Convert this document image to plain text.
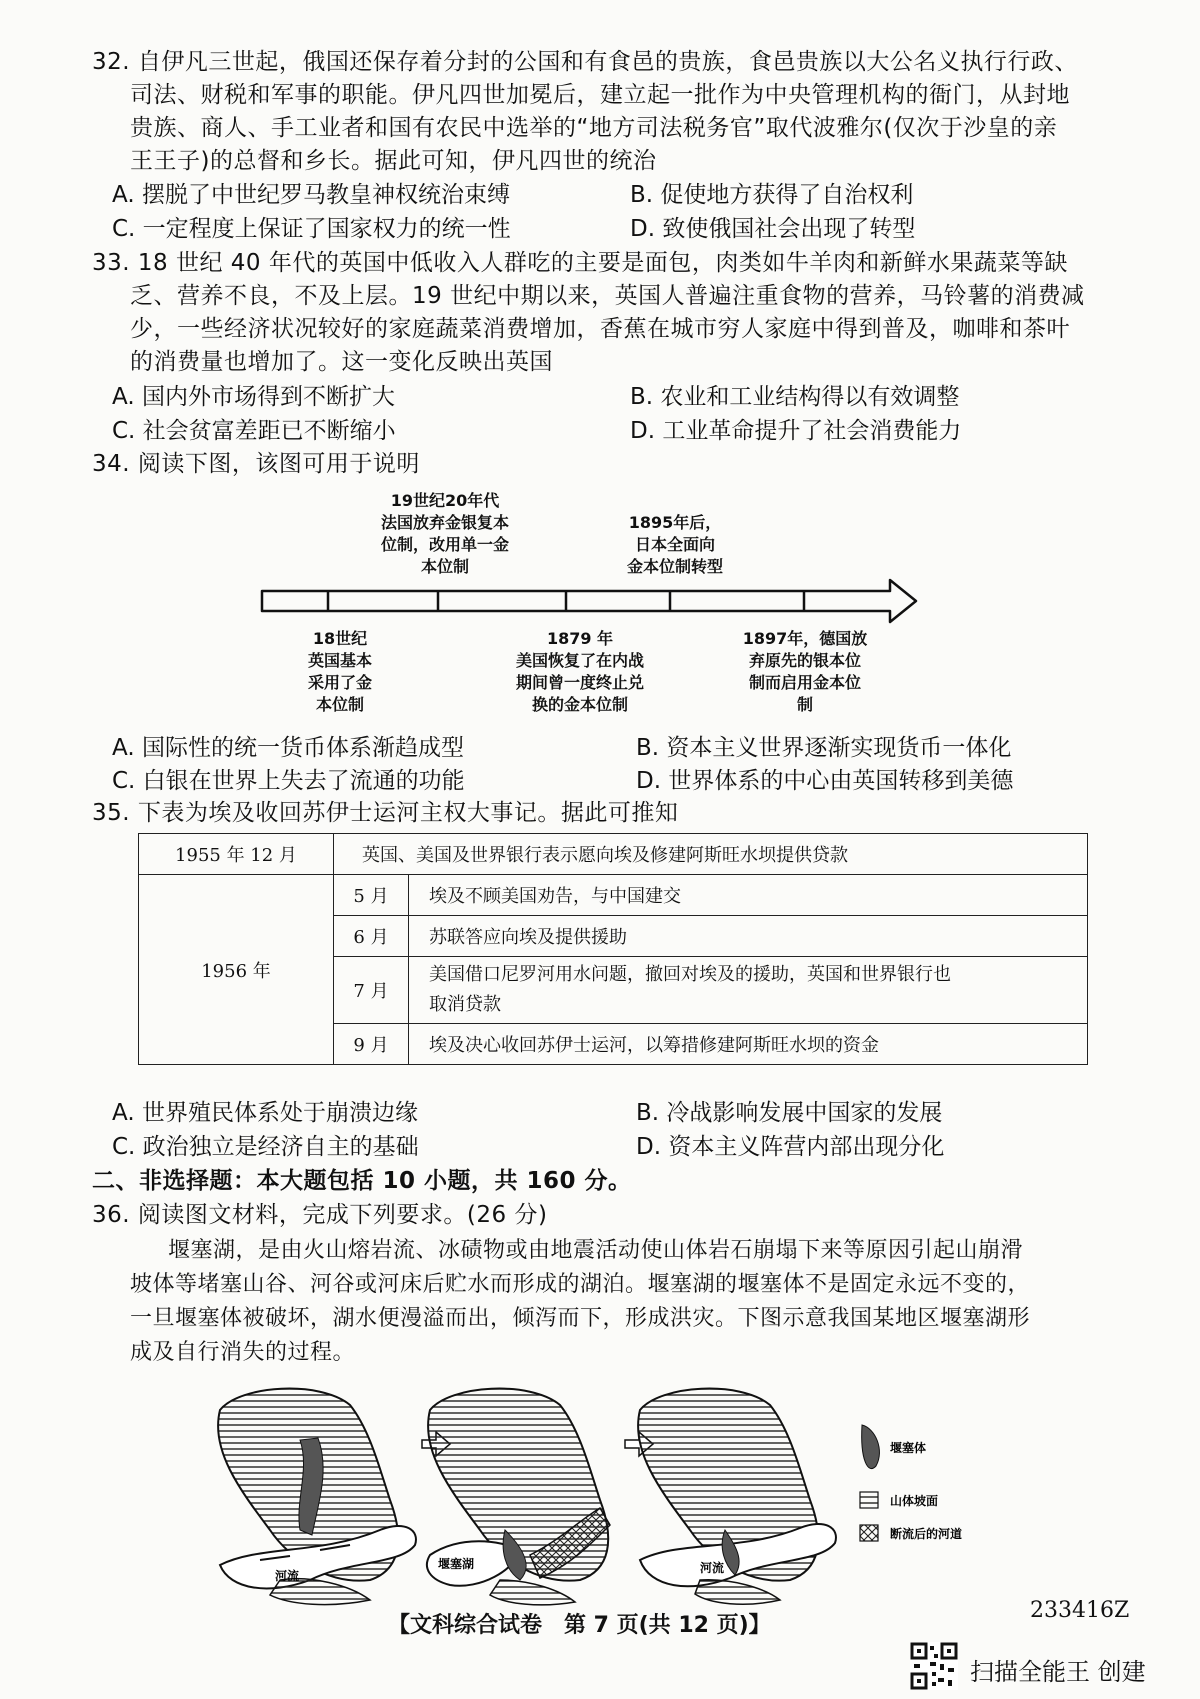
32. 自伊凡三世起，俄国还保存着分封的公国和有食邑的贵族，食邑贵族以大公名义执行行政、
司法、财税和军事的职能。伊凡四世加冕后，建立起一批作为中央管理机构的衙门，从封地
贵族、商人、手工业者和国有农民中选举的“地方司法税务官”取代波雅尔(仅次于沙皇的亲
王王子)的总督和乡长。据此可知，伊凡四世的统治
A. 摆脱了中世纪罗马教皇神权统治束缚	B. 促使地方获得了自治权利
C. 一定程度上保证了国家权力的统一性	D. 致使俄国社会出现了转型
33. 18 世纪 40 年代的英国中低收入人群吃的主要是面包，肉类如牛羊肉和新鲜水果蔬菜等缺
乏、营养不良，不及上层。19 世纪中期以来，英国人普遍注重食物的营养，马铃薯的消费减
少，一些经济状况较好的家庭蔬菜消费增加，香蕉在城市穷人家庭中得到普及，咖啡和茶叶
的消费量也增加了。这一变化反映出英国
A. 国内外市场得到不断扩大	B. 农业和工业结构得以有效调整
C. 社会贫富差距已不断缩小	D. 工业革命提升了社会消费能力
34. 阅读下图，该图可用于说明
19世纪20年代
法国放弃金银复本
位制，改用单一金
本位制
1895年后，
日本全面向
金本位制转型
18世纪
英国基本
采用了金
本位制
1879 年
美国恢复了在内战
期间曾一度终止兑
换的金本位制
1897年，德国放
弃原先的银本位
制而启用金本位
制
A. 国际性的统一货币体系渐趋成型	B. 资本主义世界逐渐实现货币一体化
C. 白银在世界上失去了流通的功能	D. 世界体系的中心由英国转移到美德
35. 下表为埃及收回苏伊士运河主权大事记。据此可推知
1955 年 12 月	英国、美国及世界银行表示愿向埃及修建阿斯旺水坝提供贷款	
1956 年	5 月	埃及不顾美国劝告，与中国建交
	6 月	苏联答应向埃及提供援助
	7 月	美国借口尼罗河用水问题，撤回对埃及的援助，英国和世界银行也
取消贷款

	9 月	埃及决心收回苏伊士运河，以筹措修建阿斯旺水坝的资金
A. 世界殖民体系处于崩溃边缘	B. 冷战影响发展中国家的发展
C. 政治独立是经济自主的基础	D. 资本主义阵营内部出现分化
二、非选择题：本大题包括 10 小题，共 160 分。
36. 阅读图文材料，完成下列要求。(26 分)
堰塞湖，是由火山熔岩流、冰碛物或由地震活动使山体岩石崩塌下来等原因引起山崩滑
坡体等堵塞山谷、河谷或河床后贮水而形成的湖泊。堰塞湖的堰塞体不是固定永远不变的，
一旦堰塞体被破坏，湖水便漫溢而出，倾泻而下，形成洪灾。下图示意我国某地区堰塞湖形
成及自行消失的过程。
河流
堰塞湖	河流
堰塞体
山体坡面
断流后的河道
【文科综合试卷　第 7 页(共 12 页)】
233416Z
扫描全能王 创建
